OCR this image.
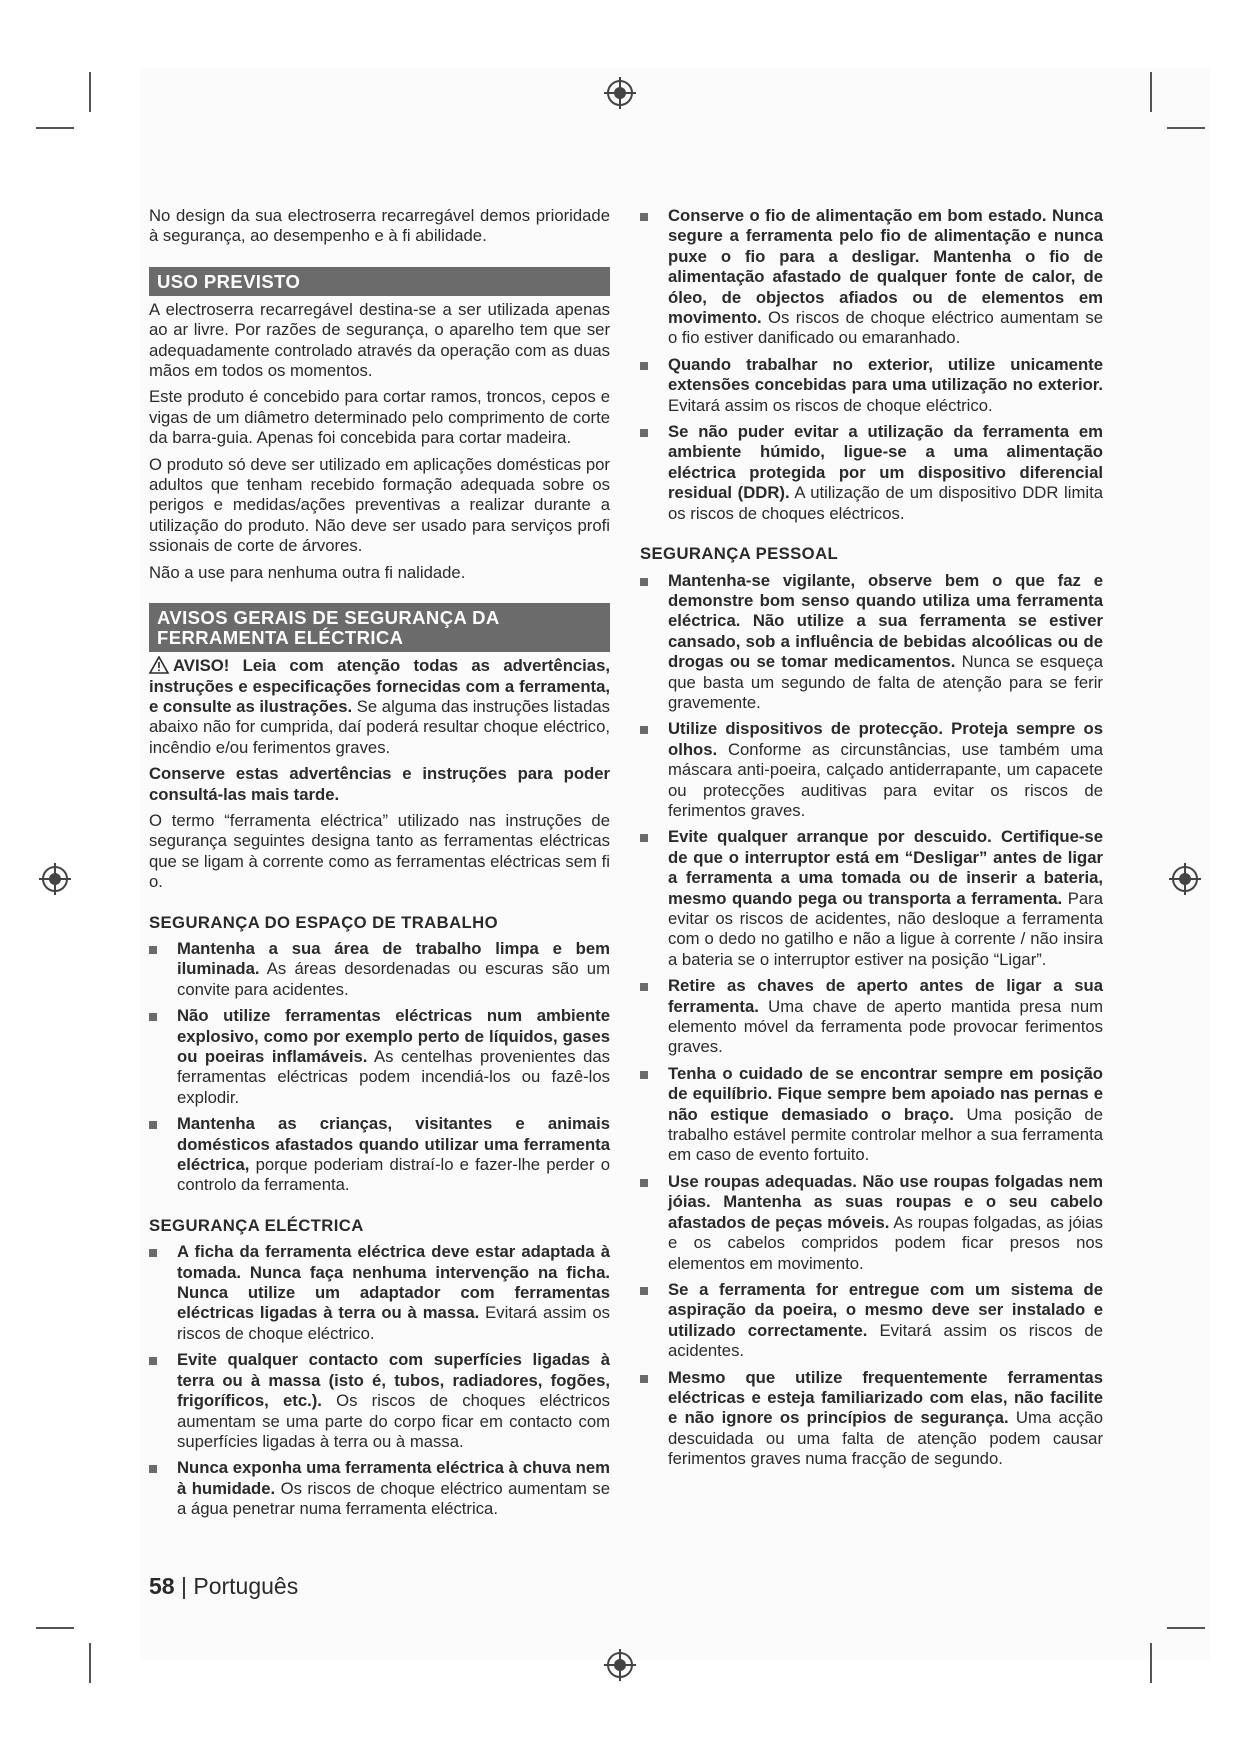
No design da sua electroserra recarregável demos prioridade à segurança, ao desempenho e à fi abilidade.

USO PREVISTO

A electroserra recarregável destina-se a ser utilizada apenas ao ar livre. Por razões de segurança, o aparelho tem que ser adequadamente controlado através da operação com as duas mãos em todos os momentos.

Este produto é concebido para cortar ramos, troncos, cepos e vigas de um diâmetro determinado pelo comprimento de corte da barra-guia. Apenas foi concebida para cortar madeira.

O produto só deve ser utilizado em aplicações domésticas por adultos que tenham recebido formação adequada sobre os perigos e medidas/ações preventivas a realizar durante a utilização do produto. Não deve ser usado para serviços profi ssionais de corte de árvores.

Não a use para nenhuma outra fi nalidade.

AVISOS GERAIS DE SEGURANÇA DA
FERRAMENTA ELÉCTRICA

AVISO! Leia com atenção todas as advertências, instruções e especificações fornecidas com a ferramenta, e consulte as ilustrações. Se alguma das instruções listadas abaixo não for cumprida, daí poderá resultar choque eléctrico, incêndio e/ou ferimentos graves.

Conserve estas advertências e instruções para poder consultá-las mais tarde.

O termo “ferramenta eléctrica” utilizado nas instruções de segurança seguintes designa tanto as ferramentas eléctricas que se ligam à corrente como as ferramentas eléctricas sem fi o.

SEGURANÇA DO ESPAÇO DE TRABALHO
Mantenha a sua área de trabalho limpa e bem iluminada. As áreas desordenadas ou escuras são um convite para acidentes.
Não utilize ferramentas eléctricas num ambiente explosivo, como por exemplo perto de líquidos, gases ou poeiras inflamáveis. As centelhas provenientes das ferramentas eléctricas podem incendiá-los ou fazê-los explodir.
Mantenha as crianças, visitantes e animais domésticos afastados quando utilizar uma ferramenta eléctrica, porque poderiam distraí-lo e fazer-lhe perder o controlo da ferramenta.
SEGURANÇA ELÉCTRICA
A ficha da ferramenta eléctrica deve estar adaptada à tomada. Nunca faça nenhuma intervenção na ficha. Nunca utilize um adaptador com ferramentas eléctricas ligadas à terra ou à massa. Evitará assim os riscos de choque eléctrico.
Evite qualquer contacto com superfícies ligadas à terra ou à massa (isto é, tubos, radiadores, fogões, frigoríficos, etc.). Os riscos de choques eléctricos aumentam se uma parte do corpo ficar em contacto com superfícies ligadas à terra ou à massa.
Nunca exponha uma ferramenta eléctrica à chuva nem à humidade. Os riscos de choque eléctrico aumentam se a água penetrar numa ferramenta eléctrica.
Conserve o fio de alimentação em bom estado. Nunca segure a ferramenta pelo fio de alimentação e nunca puxe o fio para a desligar. Mantenha o fio de alimentação afastado de qualquer fonte de calor, de óleo, de objectos afiados ou de elementos em movimento. Os riscos de choque eléctrico aumentam se o fio estiver danificado ou emaranhado.
Quando trabalhar no exterior, utilize unicamente extensões concebidas para uma utilização no exterior. Evitará assim os riscos de choque eléctrico.
Se não puder evitar a utilização da ferramenta em ambiente húmido, ligue-se a uma alimentação eléctrica protegida por um dispositivo diferencial residual (DDR). A utilização de um dispositivo DDR limita os riscos de choques eléctricos.
SEGURANÇA PESSOAL
Mantenha-se vigilante, observe bem o que faz e demonstre bom senso quando utiliza uma ferramenta eléctrica. Não utilize a sua ferramenta se estiver cansado, sob a influência de bebidas alcoólicas ou de drogas ou se tomar medicamentos. Nunca se esqueça que basta um segundo de falta de atenção para se ferir gravemente.
Utilize dispositivos de protecção. Proteja sempre os olhos. Conforme as circunstâncias, use também uma máscara anti-poeira, calçado antiderrapante, um capacete ou protecções auditivas para evitar os riscos de ferimentos graves.
Evite qualquer arranque por descuido. Certifique-se de que o interruptor está em “Desligar” antes de ligar a ferramenta a uma tomada ou de inserir a bateria, mesmo quando pega ou transporta a ferramenta. Para evitar os riscos de acidentes, não desloque a ferramenta com o dedo no gatilho e não a ligue à corrente / não insira a bateria se o interruptor estiver na posição “Ligar”.
Retire as chaves de aperto antes de ligar a sua ferramenta. Uma chave de aperto mantida presa num elemento móvel da ferramenta pode provocar ferimentos graves.
Tenha o cuidado de se encontrar sempre em posição de equilíbrio. Fique sempre bem apoiado nas pernas e não estique demasiado o braço. Uma posição de trabalho estável permite controlar melhor a sua ferramenta em caso de evento fortuito.
Use roupas adequadas. Não use roupas folgadas nem jóias. Mantenha as suas roupas e o seu cabelo afastados de peças móveis. As roupas folgadas, as jóias e os cabelos compridos podem ficar presos nos elementos em movimento.
Se a ferramenta for entregue com um sistema de aspiração da poeira, o mesmo deve ser instalado e utilizado correctamente. Evitará assim os riscos de acidentes.
Mesmo que utilize frequentemente ferramentas eléctricas e esteja familiarizado com elas, não facilite e não ignore os princípios de segurança. Uma acção descuidada ou uma falta de atenção podem causar ferimentos graves numa fracção de segundo.
58 | Português
